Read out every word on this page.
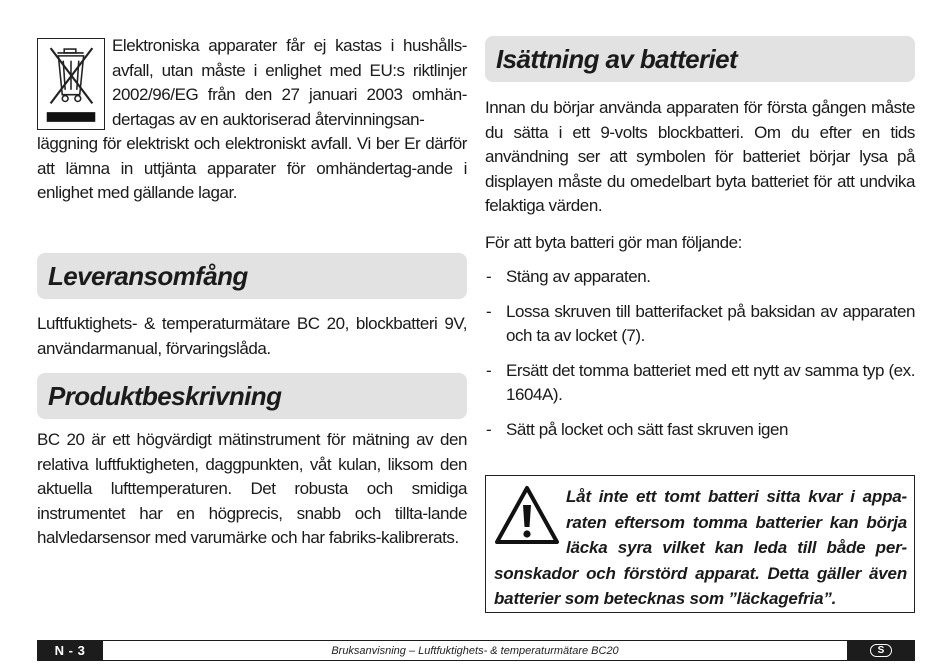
Elektroniska apparater får ej kastas i hushålls-avfall, utan måste i enlighet med EU:s riktlinjer 2002/96/EG från den 27 januari 2003 omhän-dertagas av en auktoriserad återvinningsan-

läggning för elektriskt och elektroniskt avfall. Vi ber Er därför att lämna in uttjänta apparater för omhändertag-ande i enlighet med gällande lagar.

Leveransomfång

Luftfuktighets- & temperaturmätare BC 20, blockbatteri 9V, användarmanual, förvaringslåda.

Produktbeskrivning

BC 20 är ett högvärdigt mätinstrument för mätning av den relativa luftfuktigheten, daggpunkten, våt kulan, liksom den aktuella lufttemperaturen. Det robusta och smidiga instrumentet har en högprecis, snabb och tillta-lande halvledarsensor med varumärke och har fabriks-kalibrerats.

Isättning av batteriet

Innan du börjar använda apparaten för första gången måste du sätta i ett 9-volts blockbatteri. Om du efter en tids användning ser att symbolen för batteriet börjar lysa på displayen måste du omedelbart byta batteriet för att undvika felaktiga värden.

För att byta batteri gör man följande:

- Stäng av apparaten.
- Lossa skruven till batterifacket på baksidan av apparaten och ta av locket (7).
- Ersätt det tomma batteriet med ett nytt av samma typ (ex. 1604A).
- Sätt på locket och sätt fast skruven igen

Låt inte ett tomt batteri sitta kvar i appa-raten eftersom tomma batterier kan börja läcka syra vilket kan leda till både per-sonskador och förstörd apparat. Detta gäller även batterier som betecknas som ”läckagefria”.

N - 3	Bruksanvisning – Luftfuktighets- & temperaturmätare BC20	S
